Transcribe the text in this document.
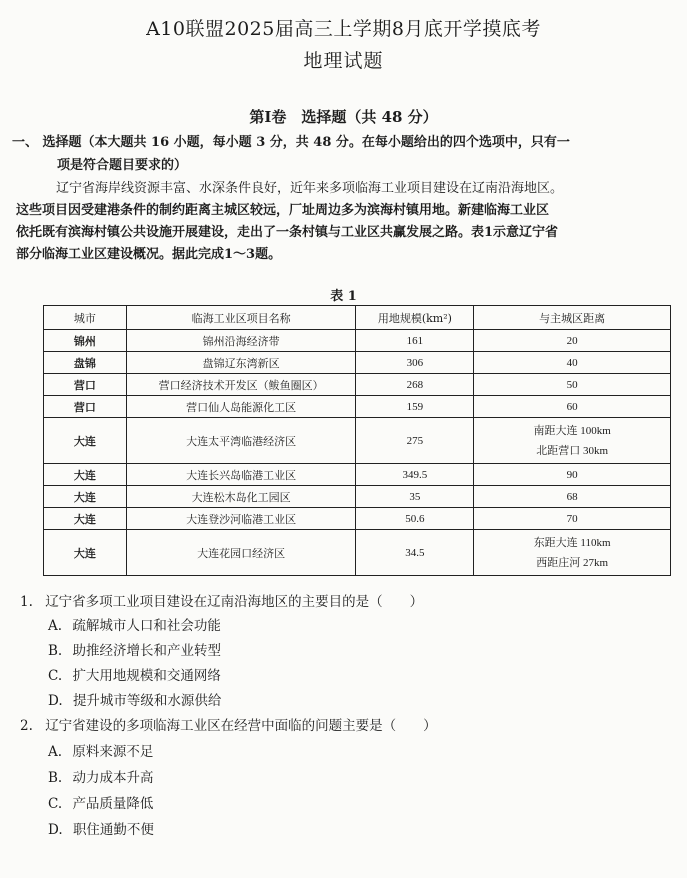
A10联盟2025届高三上学期8月底开学摸底考
地理试题
第Ⅰ卷　选择题（共 48 分）
一、 选择题（本大题共 16 小题，每小题 3 分，共 48 分。在每小题给出的四个选项中，只有一
项是符合题目要求的）
辽宁省海岸线资源丰富、水深条件良好，近年来多项临海工业项目建设在辽南沿海地区。
这些项目因受建港条件的制约距离主城区较远，厂址周边多为滨海村镇用地。新建临海工业区
依托既有滨海村镇公共设施开展建设，走出了一条村镇与工业区共赢发展之路。表1示意辽宁省
部分临海工业区建设概况。据此完成1～3题。
表 1
城市	临海工业区项目名称	用地规模(km²)	与主城区距离
锦州	锦州沿海经济带	161	20
盘锦	盘锦辽东湾新区	306	40
营口	营口经济技术开发区（鲅鱼圈区）	268	50
营口	营口仙人岛能源化工区	159	60
大连	大连太平湾临港经济区	275	南距大连 100km
北距营口 30km

大连	大连长兴岛临港工业区	349.5	90
大连	大连松木岛化工园区	35	68
大连	大连登沙河临港工业区	50.6	70
大连	大连花园口经济区	34.5	东距大连 110km
西距庄河 27km
1. 辽宁省多项工业项目建设在辽南沿海地区的主要目的是（　　）
A. 疏解城市人口和社会功能
B. 助推经济增长和产业转型
C. 扩大用地规模和交通网络
D. 提升城市等级和水源供给
2. 辽宁省建设的多项临海工业区在经营中面临的问题主要是（　　）
A. 原料来源不足
B. 动力成本升高
C. 产品质量降低
D. 职住通勤不便
